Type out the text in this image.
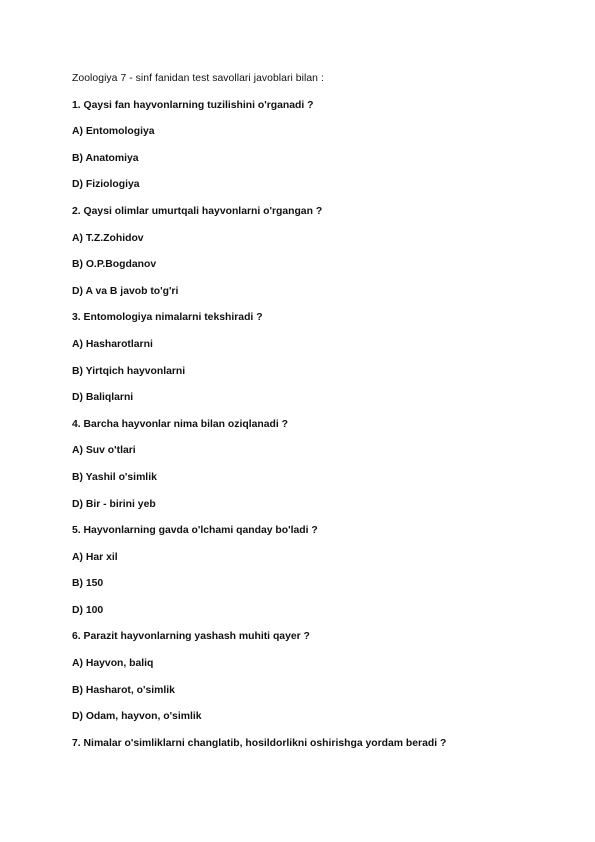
Zoologiya 7 - sinf fanidan test savollari javoblari bilan :
1. Qaysi fan hayvonlarning tuzilishini o'rganadi ?
A) Entomologiya
B) Anatomiya
D) Fiziologiya
2. Qaysi olimlar umurtqali hayvonlarni o'rgangan ?
A) T.Z.Zohidov
B) O.P.Bogdanov
D) A va B javob to'g'ri
3. Entomologiya nimalarni tekshiradi ?
A) Hasharotlarni
B) Yirtqich hayvonlarni
D) Baliqlarni
4. Barcha hayvonlar nima bilan oziqlanadi ?
A) Suv o'tlari
B) Yashil o'simlik
D) Bir - birini yeb
5. Hayvonlarning gavda o'lchami qanday bo'ladi ?
A) Har xil
B) 150
D) 100
6. Parazit hayvonlarning yashash muhiti qayer ?
A) Hayvon, baliq
B) Hasharot, o'simlik
D) Odam, hayvon, o'simlik
7. Nimalar o'simliklarni changlatib, hosildorlikni oshirishga yordam beradi ?
